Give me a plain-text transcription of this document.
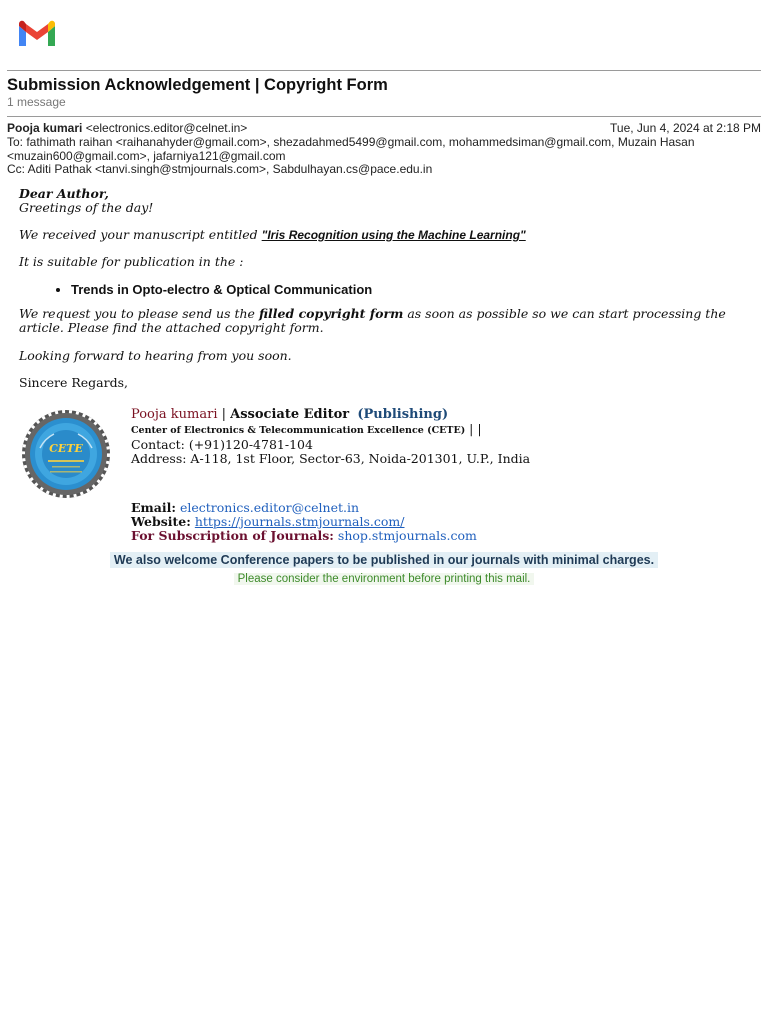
Submission Acknowledgement | Copyright Form
1 message
Pooja kumari <electronics.editor@celnet.in>	Tue, Jun 4, 2024 at 2:18 PM
To: fathimath raihan <raihanahyder@gmail.com>, shezadahmed5499@gmail.com, mohammedsiman@gmail.com, Muzain Hasan <muzain600@gmail.com>, jafarniya121@gmail.com
Cc: Aditi Pathak <tanvi.singh@stmjournals.com>, Sabdulhayan.cs@pace.edu.in

Dear Author,

Greetings of the day!

We received your manuscript entitled "Iris Recognition using the Machine Learning"

It is suitable for publication in the :

• Trends in Opto-electro & Optical Communication

We request you to please send us the filled copyright form as soon as possible so we can start processing the article. Please find the attached copyright form.

Looking forward to hearing from you soon.

Sincere Regards,

CETE
Pooja kumari | Associate Editor (Publishing)
Center of Electronics & Telecommunication Excellence (CETE) | |
Contact: (+91)120-4781-104
Address: A-118, 1st Floor, Sector-63, Noida-201301, U.P., India
Email: electronics.editor@celnet.in
Website: https://journals.stmjournals.com/
For Subscription of Journals: shop.stmjournals.com
We also welcome Conference papers to be published in our journals with minimal charges.
Please consider the environment before printing this mail.
